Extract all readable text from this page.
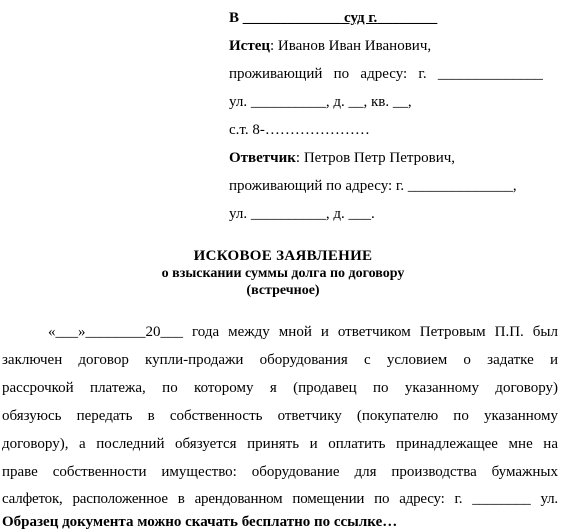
В _____________ суд г.________
Истец: Иванов Иван Иванович,
проживающий   по   адресу:   г.   ______________
ул. __________, д. __, кв. __,
с.т. 8-…………………
Ответчик: Петров Петр Петрович,
проживающий по адресу: г. ______________,
ул. __________, д. ___.
ИСКОВОЕ ЗАЯВЛЕНИЕ
о взыскании суммы долга по договору
(встречное)
«___»________20___ года между мной и ответчиком Петровым П.П. был
заключен договор купли-продажи оборудования с условием о задатке и
рассрочкой платежа, по которому я (продавец по указанному договору)
обязуюсь передать в собственность ответчику (покупателю по указанному
договору), а последний обязуется принять и оплатить принадлежащее мне на
праве собственности имущество: оборудование для производства бумажных
салфеток, расположенное в арендованном помещении по адресу: г. ________ ул.
Образец документа можно скачать бесплатно по ссылке…
